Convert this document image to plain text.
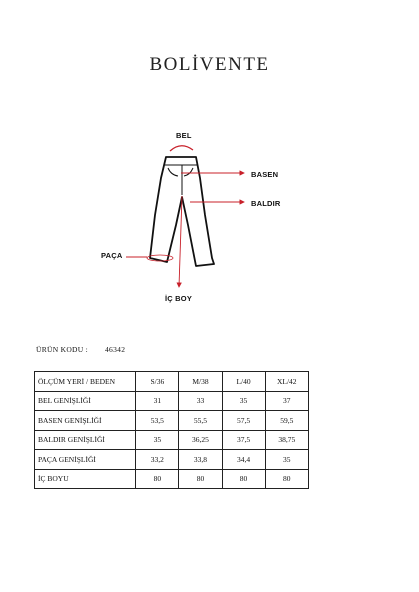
BOLİVENTE
BEL
BASEN
BALDIR
PAÇA
İÇ BOY
ÜRÜN KODU : 46342
ÖLÇÜM YERİ / BEDEN	S/36	M/38	L/40	XL/42
BEL GENİŞLİĞİ	31	33	35	37
BASEN GENİŞLİĞİ	53,5	55,5	57,5	59,5
BALDIR GENİŞLİĞİ	35	36,25	37,5	38,75
PAÇA GENİŞLİĞİ	33,2	33,8	34,4	35
İÇ BOYU	80	80	80	80
